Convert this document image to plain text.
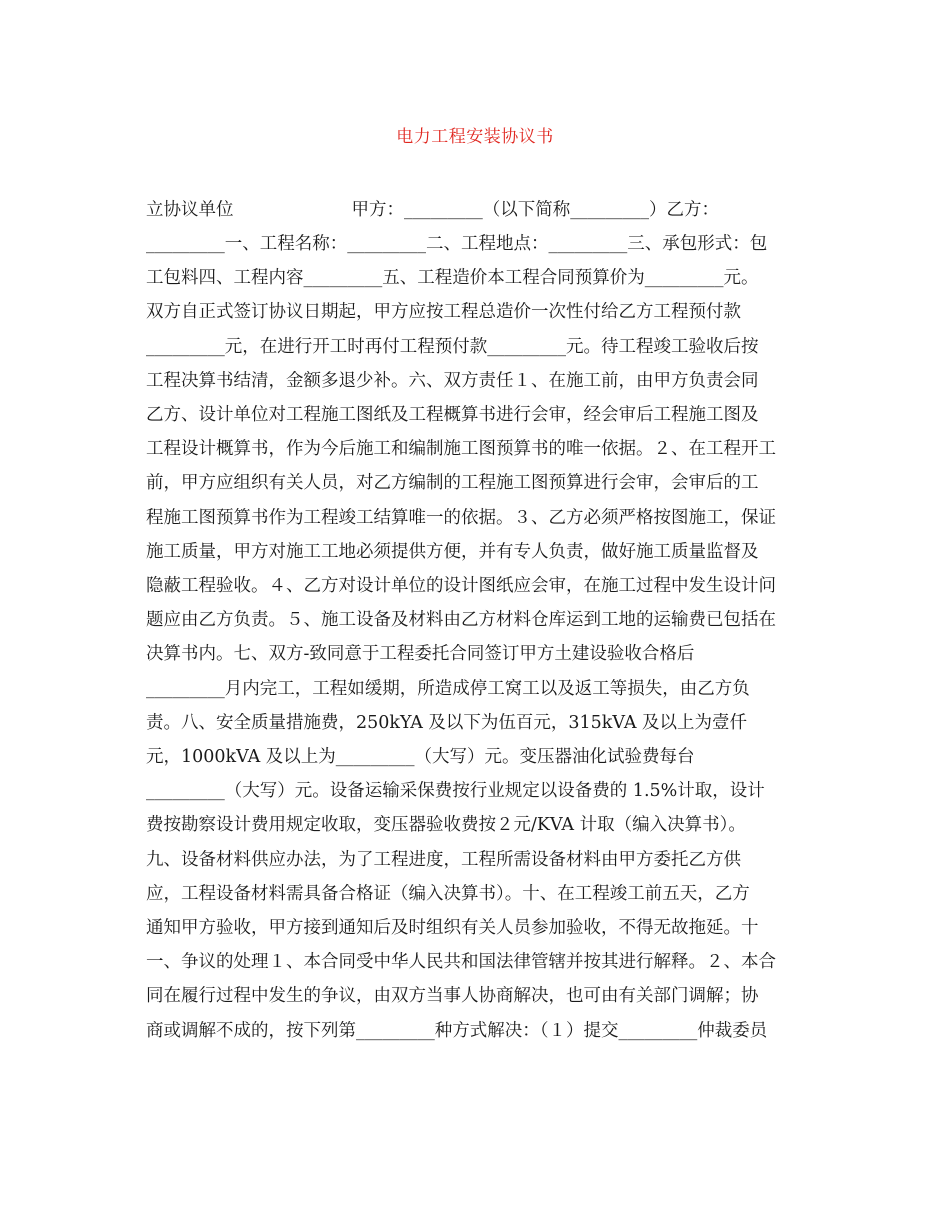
电力工程安装协议书
立协议单位	甲方：_________（以下简称_________）乙方：
_________一、工程名称：_________二、工程地点：_________三、承包形式：包
工包料四、工程内容_________五、工程造价本工程合同预算价为_________元。
双方自正式签订协议日期起，甲方应按工程总造价一次性付给乙方工程预付款
_________元，在进行开工时再付工程预付款_________元。待工程竣工验收后按
工程决算书结清，金额多退少补。六、双方责任１、在施工前，由甲方负责会同
乙方、设计单位对工程施工图纸及工程概算书进行会审，经会审后工程施工图及
工程设计概算书，作为今后施工和编制施工图预算书的唯一依据。２、在工程开工
前，甲方应组织有关人员，对乙方编制的工程施工图预算进行会审，会审后的工
程施工图预算书作为工程竣工结算唯一的依据。３、乙方必须严格按图施工，保证
施工质量，甲方对施工工地必须提供方便，并有专人负责，做好施工质量监督及
隐蔽工程验收。４、乙方对设计单位的设计图纸应会审，在施工过程中发生设计问
题应由乙方负责。５、施工设备及材料由乙方材料仓库运到工地的运输费已包括在
决算书内。七、双方-致同意于工程委托合同签订甲方土建设验收合格后
_________月内完工，工程如缓期，所造成停工窝工以及返工等损失，由乙方负
责。八、安全质量措施费，250kYA 及以下为伍百元，315kVA 及以上为壹仟
元，1000kVA 及以上为_________（大写）元。变压器油化试验费每台
_________（大写）元。设备运输采保费按行业规定以设备费的 1.5%计取，设计
费按勘察设计费用规定收取，变压器验收费按２元/KVA 计取（编入决算书）。
九、设备材料供应办法，为了工程进度，工程所需设备材料由甲方委托乙方供
应，工程设备材料需具备合格证（编入决算书）。十、在工程竣工前五天，乙方
通知甲方验收，甲方接到通知后及时组织有关人员参加验收，不得无故拖延。十
一、争议的处理１、本合同受中华人民共和国法律管辖并按其进行解释。２、本合
同在履行过程中发生的争议，由双方当事人协商解决，也可由有关部门调解；协
商或调解不成的，按下列第_________种方式解决：（１）提交_________仲裁委员
